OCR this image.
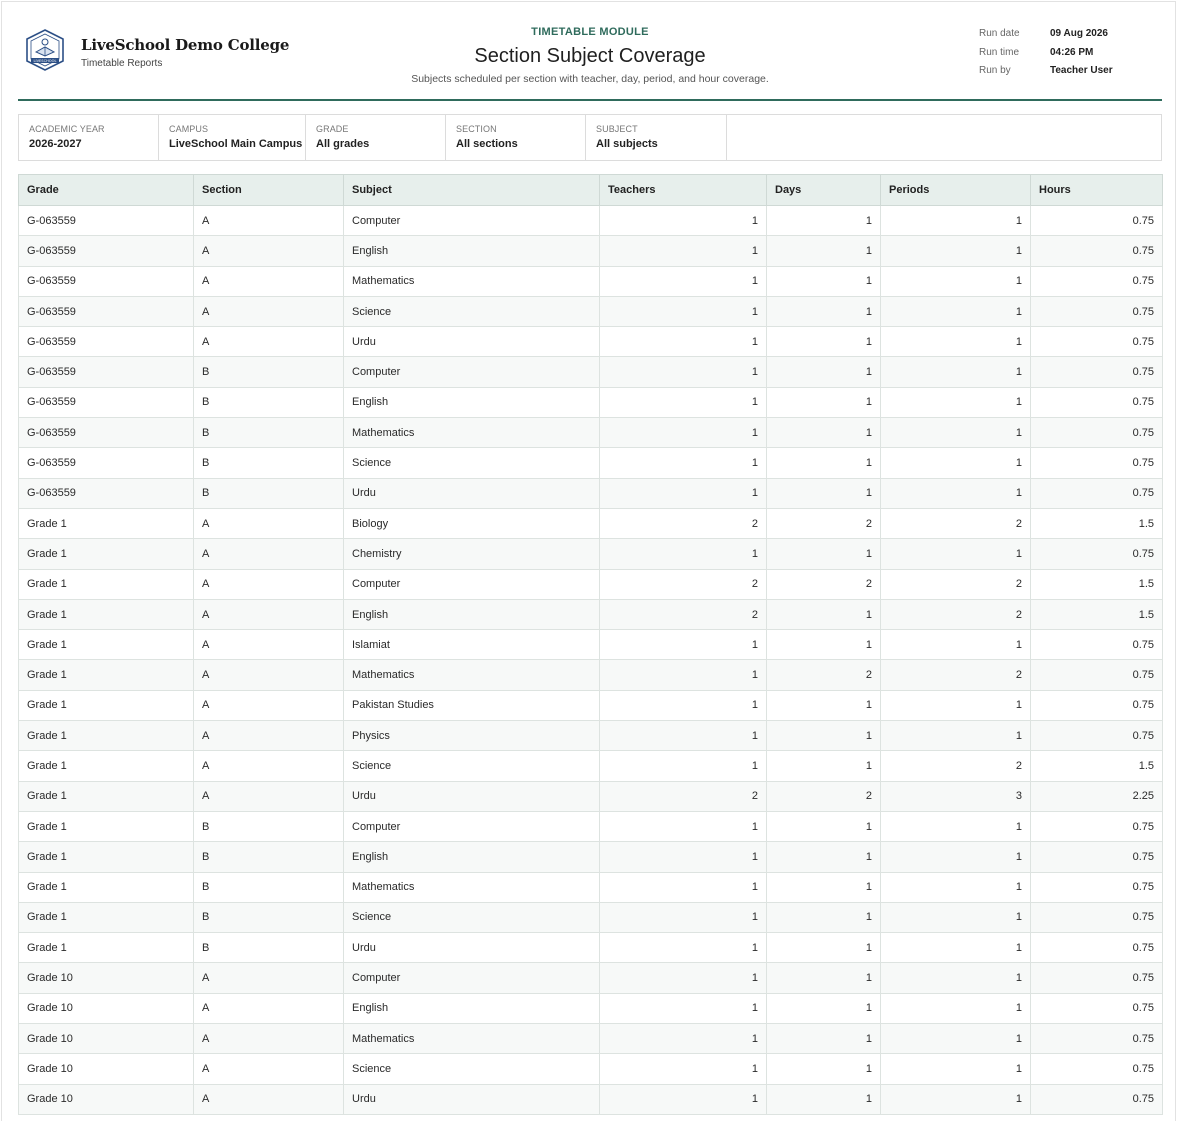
LIVESCHOOL
LiveSchool Demo College
Timetable Reports
TIMETABLE MODULE
Section Subject Coverage
Subjects scheduled per section with teacher, day, period, and hour coverage.
Run date	09 Aug 2026
Run time	04:26 PM
Run by	Teacher User
ACADEMIC YEAR
2026-2027
CAMPUS
LiveSchool Main Campus
GRADE
All grades
SECTION
All sections
SUBJECT
All subjects
Grade	Section	Subject	Teachers	Days	Periods	Hours
G-063559	A	Computer	1	1	1	0.75
G-063559	A	English	1	1	1	0.75
G-063559	A	Mathematics	1	1	1	0.75
G-063559	A	Science	1	1	1	0.75
G-063559	A	Urdu	1	1	1	0.75
G-063559	B	Computer	1	1	1	0.75
G-063559	B	English	1	1	1	0.75
G-063559	B	Mathematics	1	1	1	0.75
G-063559	B	Science	1	1	1	0.75
G-063559	B	Urdu	1	1	1	0.75
Grade 1	A	Biology	2	2	2	1.5
Grade 1	A	Chemistry	1	1	1	0.75
Grade 1	A	Computer	2	2	2	1.5
Grade 1	A	English	2	1	2	1.5
Grade 1	A	Islamiat	1	1	1	0.75
Grade 1	A	Mathematics	1	2	2	0.75
Grade 1	A	Pakistan Studies	1	1	1	0.75
Grade 1	A	Physics	1	1	1	0.75
Grade 1	A	Science	1	1	2	1.5
Grade 1	A	Urdu	2	2	3	2.25
Grade 1	B	Computer	1	1	1	0.75
Grade 1	B	English	1	1	1	0.75
Grade 1	B	Mathematics	1	1	1	0.75
Grade 1	B	Science	1	1	1	0.75
Grade 1	B	Urdu	1	1	1	0.75
Grade 10	A	Computer	1	1	1	0.75
Grade 10	A	English	1	1	1	0.75
Grade 10	A	Mathematics	1	1	1	0.75
Grade 10	A	Science	1	1	1	0.75
Grade 10	A	Urdu	1	1	1	0.75
